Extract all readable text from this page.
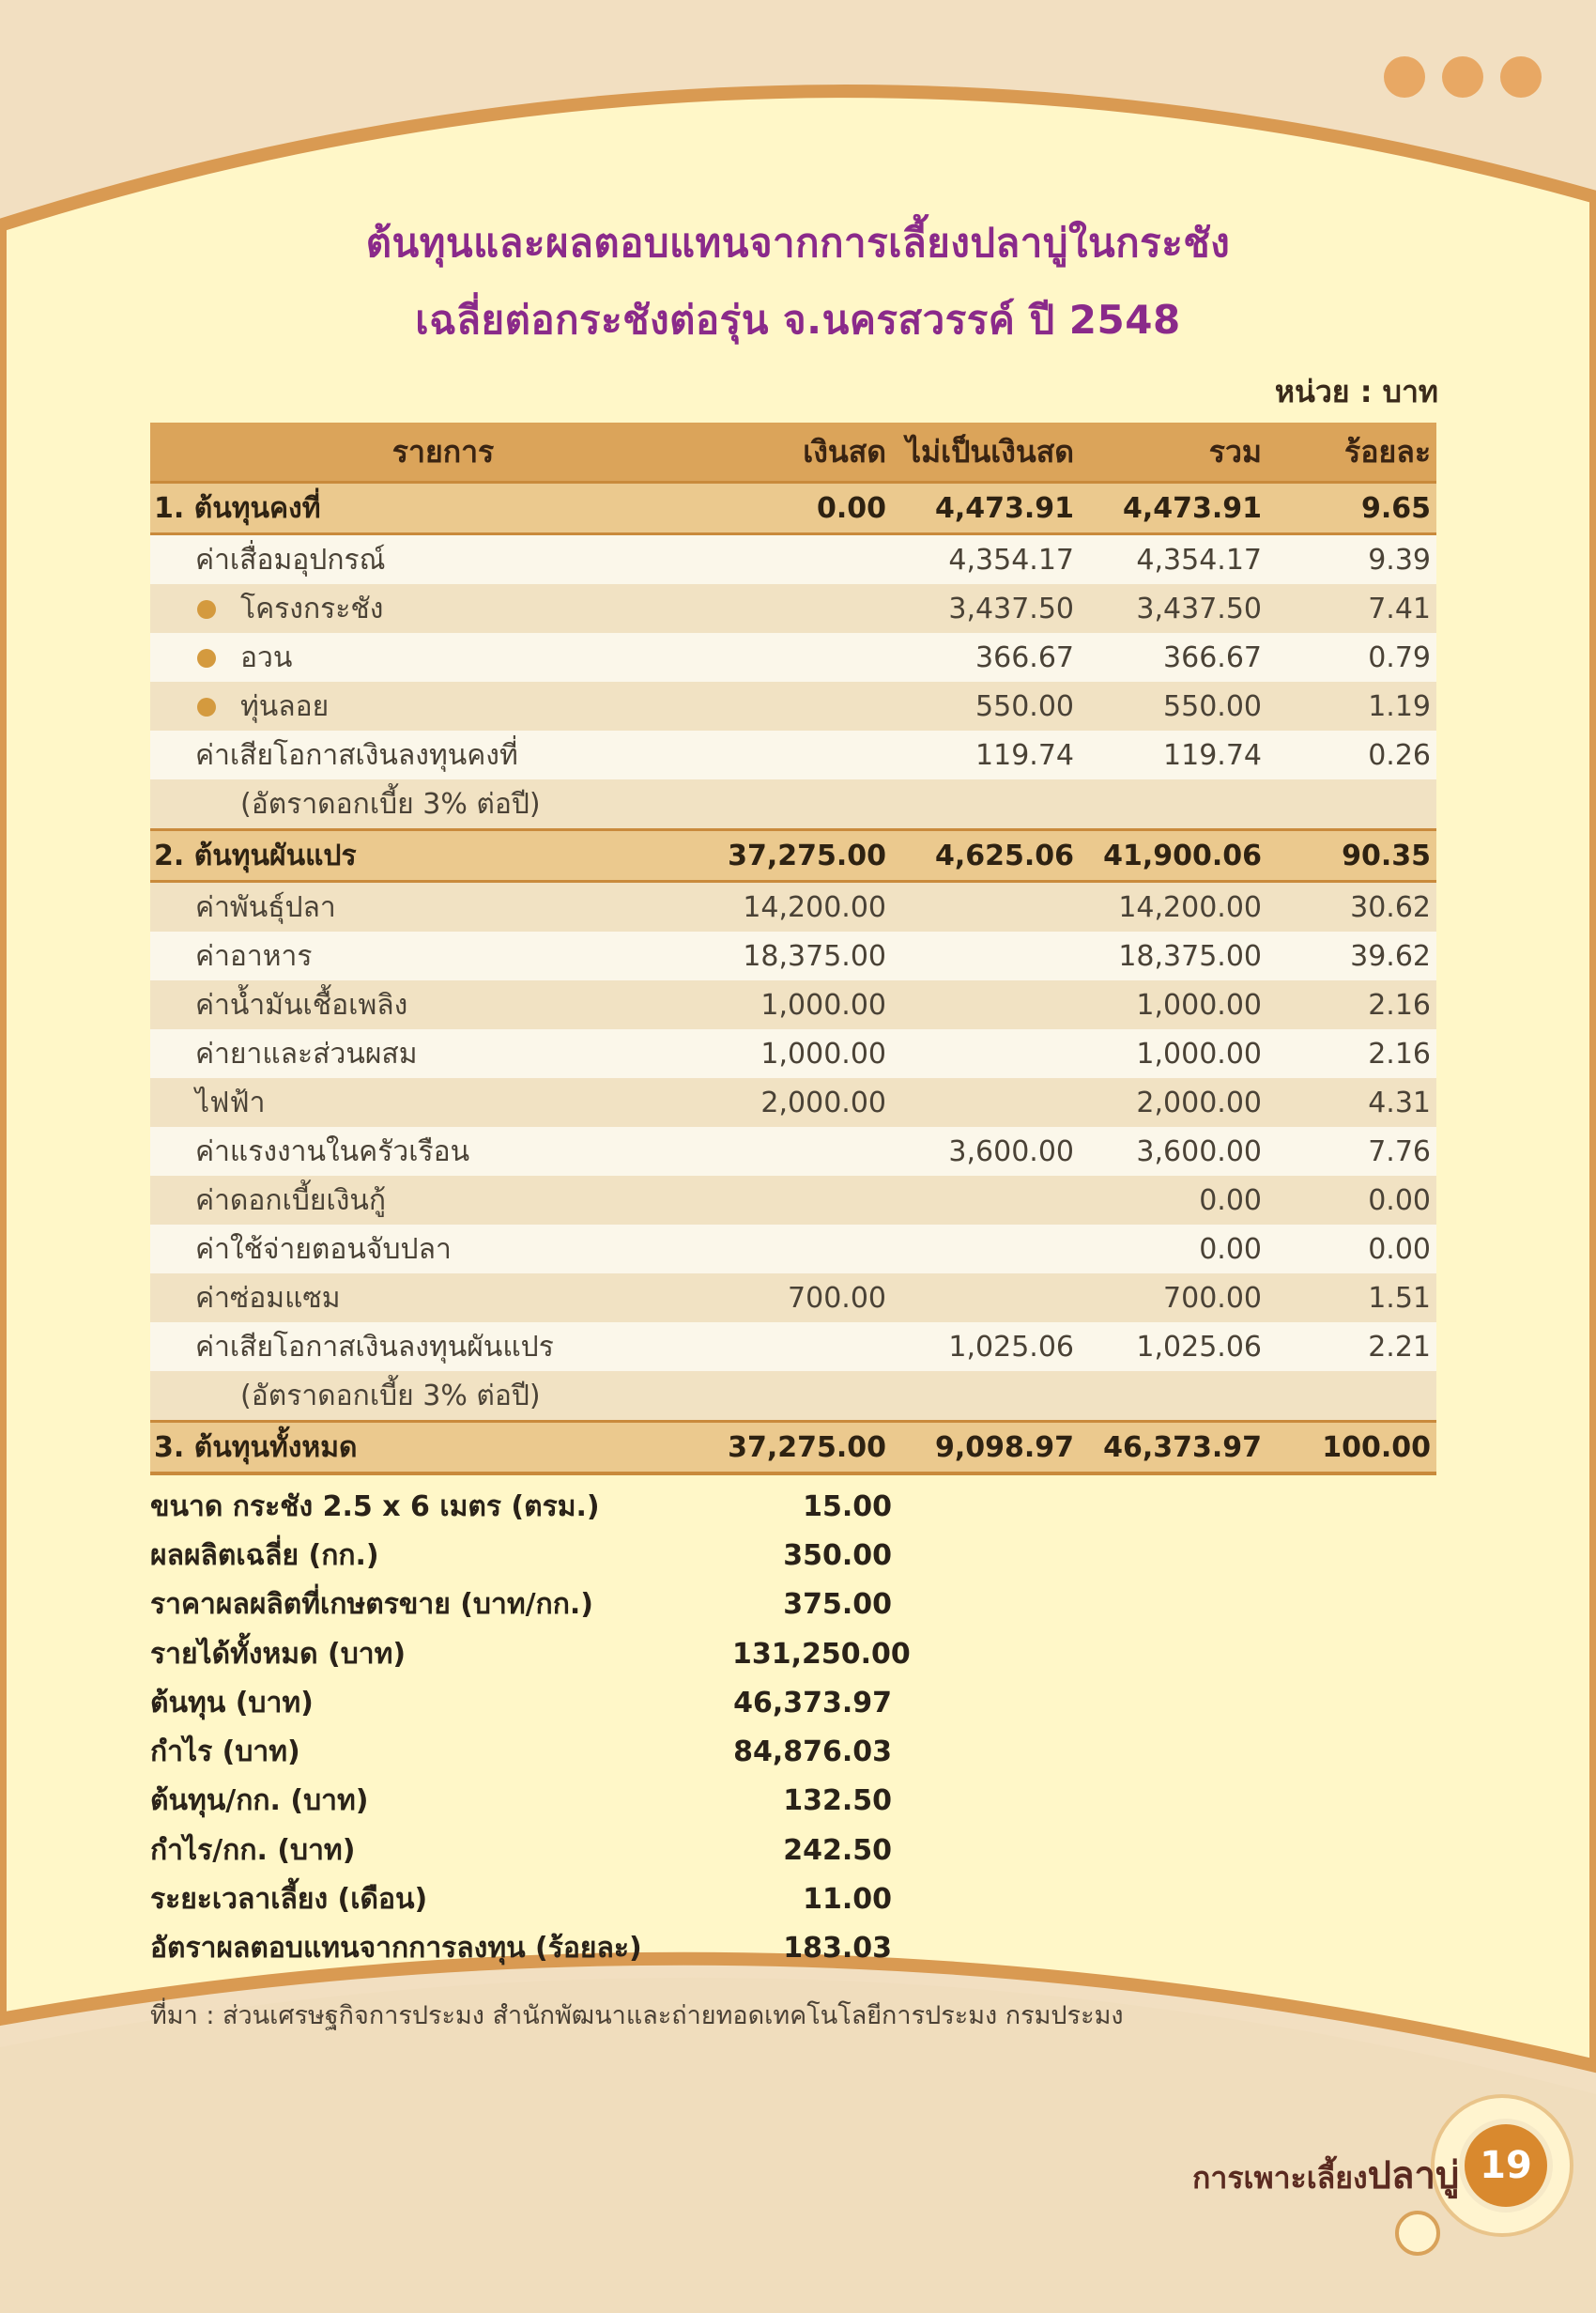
ต้นทุนและผลตอบแทนจากการเลี้ยงปลาบู่ในกระชัง
เฉลี่ยต่อกระชังต่อรุ่น จ.นครสวรรค์ ปี 2548
หน่วย : บาท
รายการ	เงินสด	ไม่เป็นเงินสด	รวม	ร้อยละ
1. ต้นทุนคงที่	0.00	4,473.91	4,473.91	9.65
ค่าเสื่อมอุปกรณ์		4,354.17	4,354.17	9.39
โครงกระชัง		3,437.50	3,437.50	7.41
อวน		366.67	366.67	0.79
ทุ่นลอย		550.00	550.00	1.19
ค่าเสียโอกาสเงินลงทุนคงที่		119.74	119.74	0.26
(อัตราดอกเบี้ย 3% ต่อปี)				
2. ต้นทุนผันแปร	37,275.00	4,625.06	41,900.06	90.35
ค่าพันธุ์ปลา	14,200.00		14,200.00	30.62
ค่าอาหาร	18,375.00		18,375.00	39.62
ค่าน้ำมันเชื้อเพลิง	1,000.00		1,000.00	2.16
ค่ายาและส่วนผสม	1,000.00		1,000.00	2.16
ไฟฟ้า	2,000.00		2,000.00	4.31
ค่าแรงงานในครัวเรือน		3,600.00	3,600.00	7.76
ค่าดอกเบี้ยเงินกู้			0.00	0.00
ค่าใช้จ่ายตอนจับปลา			0.00	0.00
ค่าซ่อมแซม	700.00		700.00	1.51
ค่าเสียโอกาสเงินลงทุนผันแปร		1,025.06	1,025.06	2.21
(อัตราดอกเบี้ย 3% ต่อปี)				
3. ต้นทุนทั้งหมด	37,275.00	9,098.97	46,373.97	100.00
ขนาด กระชัง 2.5 x 6 เมตร (ตรม.)	15.00
ผลผลิตเฉลี่ย (กก.)	350.00
ราคาผลผลิตที่เกษตรขาย (บาท/กก.)	375.00
รายได้ทั้งหมด (บาท)	131,250.00
ต้นทุน (บาท)	46,373.97
กำไร (บาท)	84,876.03
ต้นทุน/กก. (บาท)	132.50
กำไร/กก. (บาท)	242.50
ระยะเวลาเลี้ยง (เดือน)	11.00
อัตราผลตอบแทนจากการลงทุน (ร้อยละ)	183.03
ที่มา : ส่วนเศรษฐกิจการประมง สำนักพัฒนาและถ่ายทอดเทคโนโลยีการประมง กรมประมง
การเพาะเลี้ยงปลาบู่ 19
